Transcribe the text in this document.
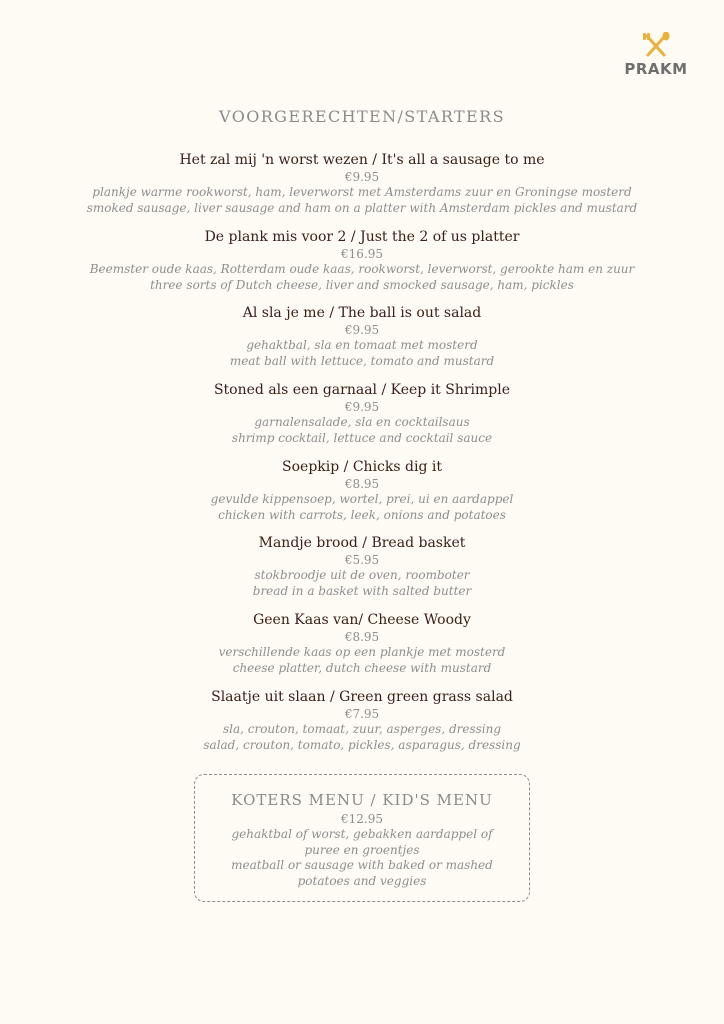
PRAKM
VOORGERECHTEN/STARTERS
Het zal mij 'n worst wezen / It's all a sausage to me
€9.95
plankje warme rookworst, ham, leverworst met Amsterdams zuur en Groningse mosterd
smoked sausage, liver sausage and ham on a platter with Amsterdam pickles and mustard
De plank mis voor 2 / Just the 2 of us platter
€16.95
Beemster oude kaas, Rotterdam oude kaas, rookworst, leverworst, gerookte ham en zuur
three sorts of Dutch cheese, liver and smocked sausage, ham, pickles
Al sla je me / The ball is out salad
€9.95
gehaktbal, sla en tomaat met mosterd
meat ball with lettuce, tomato and mustard
Stoned als een garnaal / Keep it Shrimple
€9.95
garnalensalade, sla en cocktailsaus
shrimp cocktail, lettuce and cocktail sauce
Soepkip / Chicks dig it
€8.95
gevulde kippensoep, wortel, prei, ui en aardappel
chicken with carrots, leek, onions and potatoes
Mandje brood / Bread basket
€5.95
stokbroodje uit de oven, roomboter
bread in a basket with salted butter
Geen Kaas van/ Cheese Woody
€8.95
verschillende kaas op een plankje met mosterd
cheese platter, dutch cheese with mustard
Slaatje uit slaan / Green green grass salad
€7.95
sla, crouton, tomaat, zuur, asperges, dressing
salad, crouton, tomato, pickles, asparagus, dressing
KOTERS MENU / KID'S MENU
€12.95
gehaktbal of worst, gebakken aardappel of
puree en groentjes
meatball or sausage with baked or mashed
potatoes and veggies
